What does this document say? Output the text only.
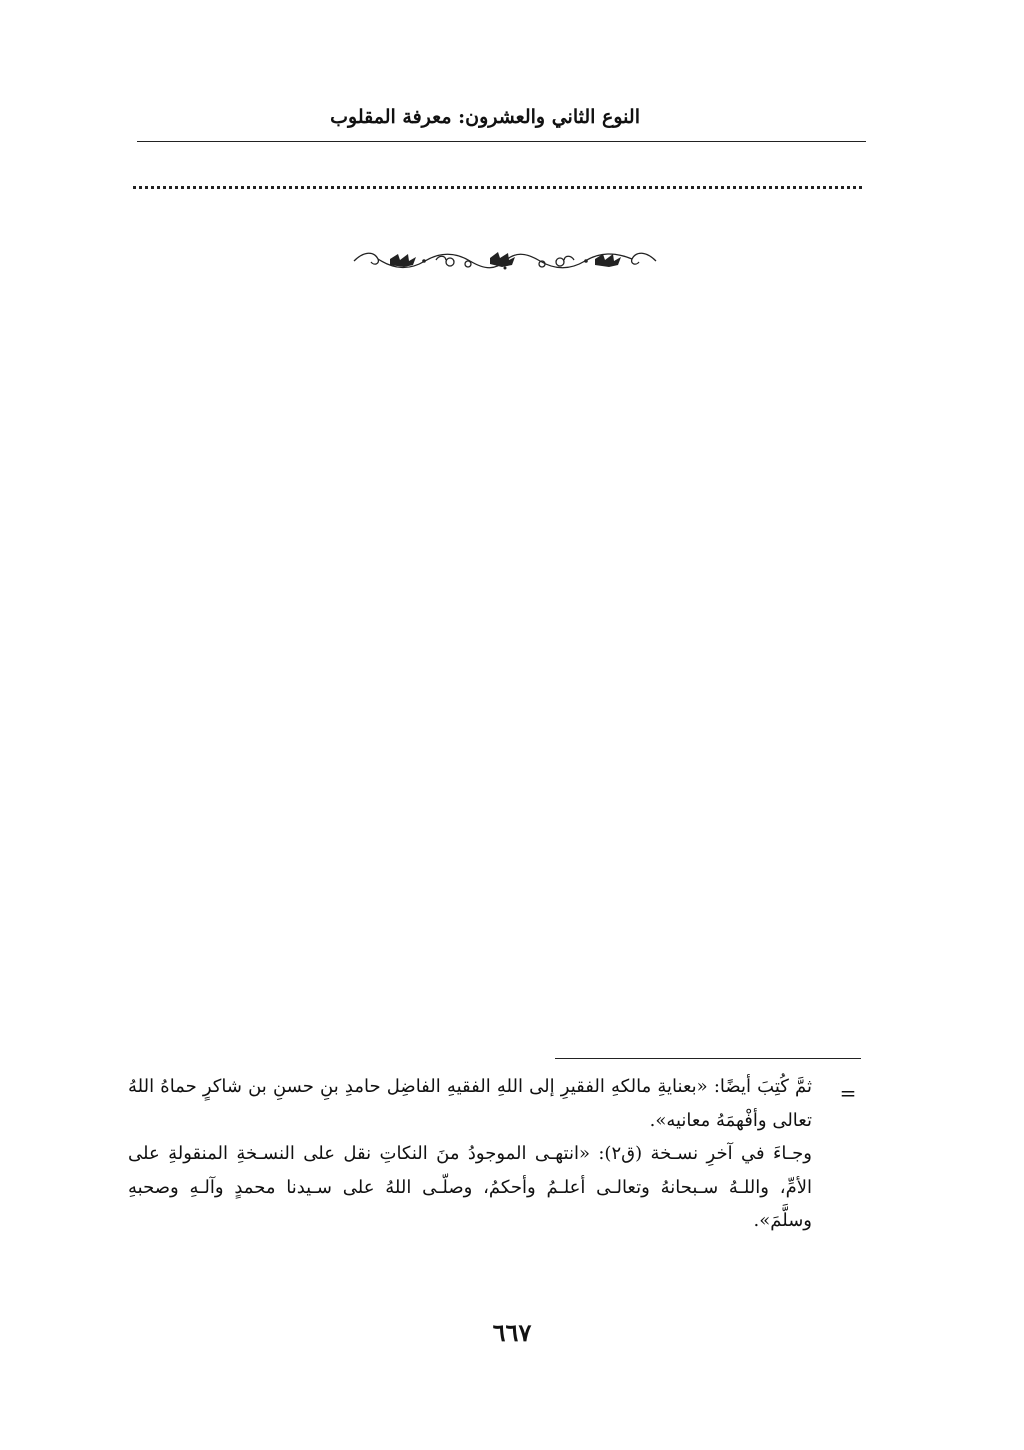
النوع الثاني والعشرون: معرفة المقلوب
=

ثمَّ كُتِبَ أيضًا: «بعنايةِ مالكهِ الفقيرِ إلى اللهِ الفقيهِ الفاضِل حامدِ بنِ حسنِ بن شاكرٍ حماهُ اللهُ تعالى وأفْهمَهُ معانيه».

وجـاءَ في آخرِ نسـخة (ق٢): «انتهـى الموجودُ منَ النكاتِ نقل على النسـخةِ المنقولةِ على الأمِّ، واللـهُ سـبحانهُ وتعالـى أعلـمُ وأحكمُ، وصلّـى اللهُ على سـيدنا محمدٍ وآلـهِ وصحبهِ وسلَّمَ».

٦٦٧
